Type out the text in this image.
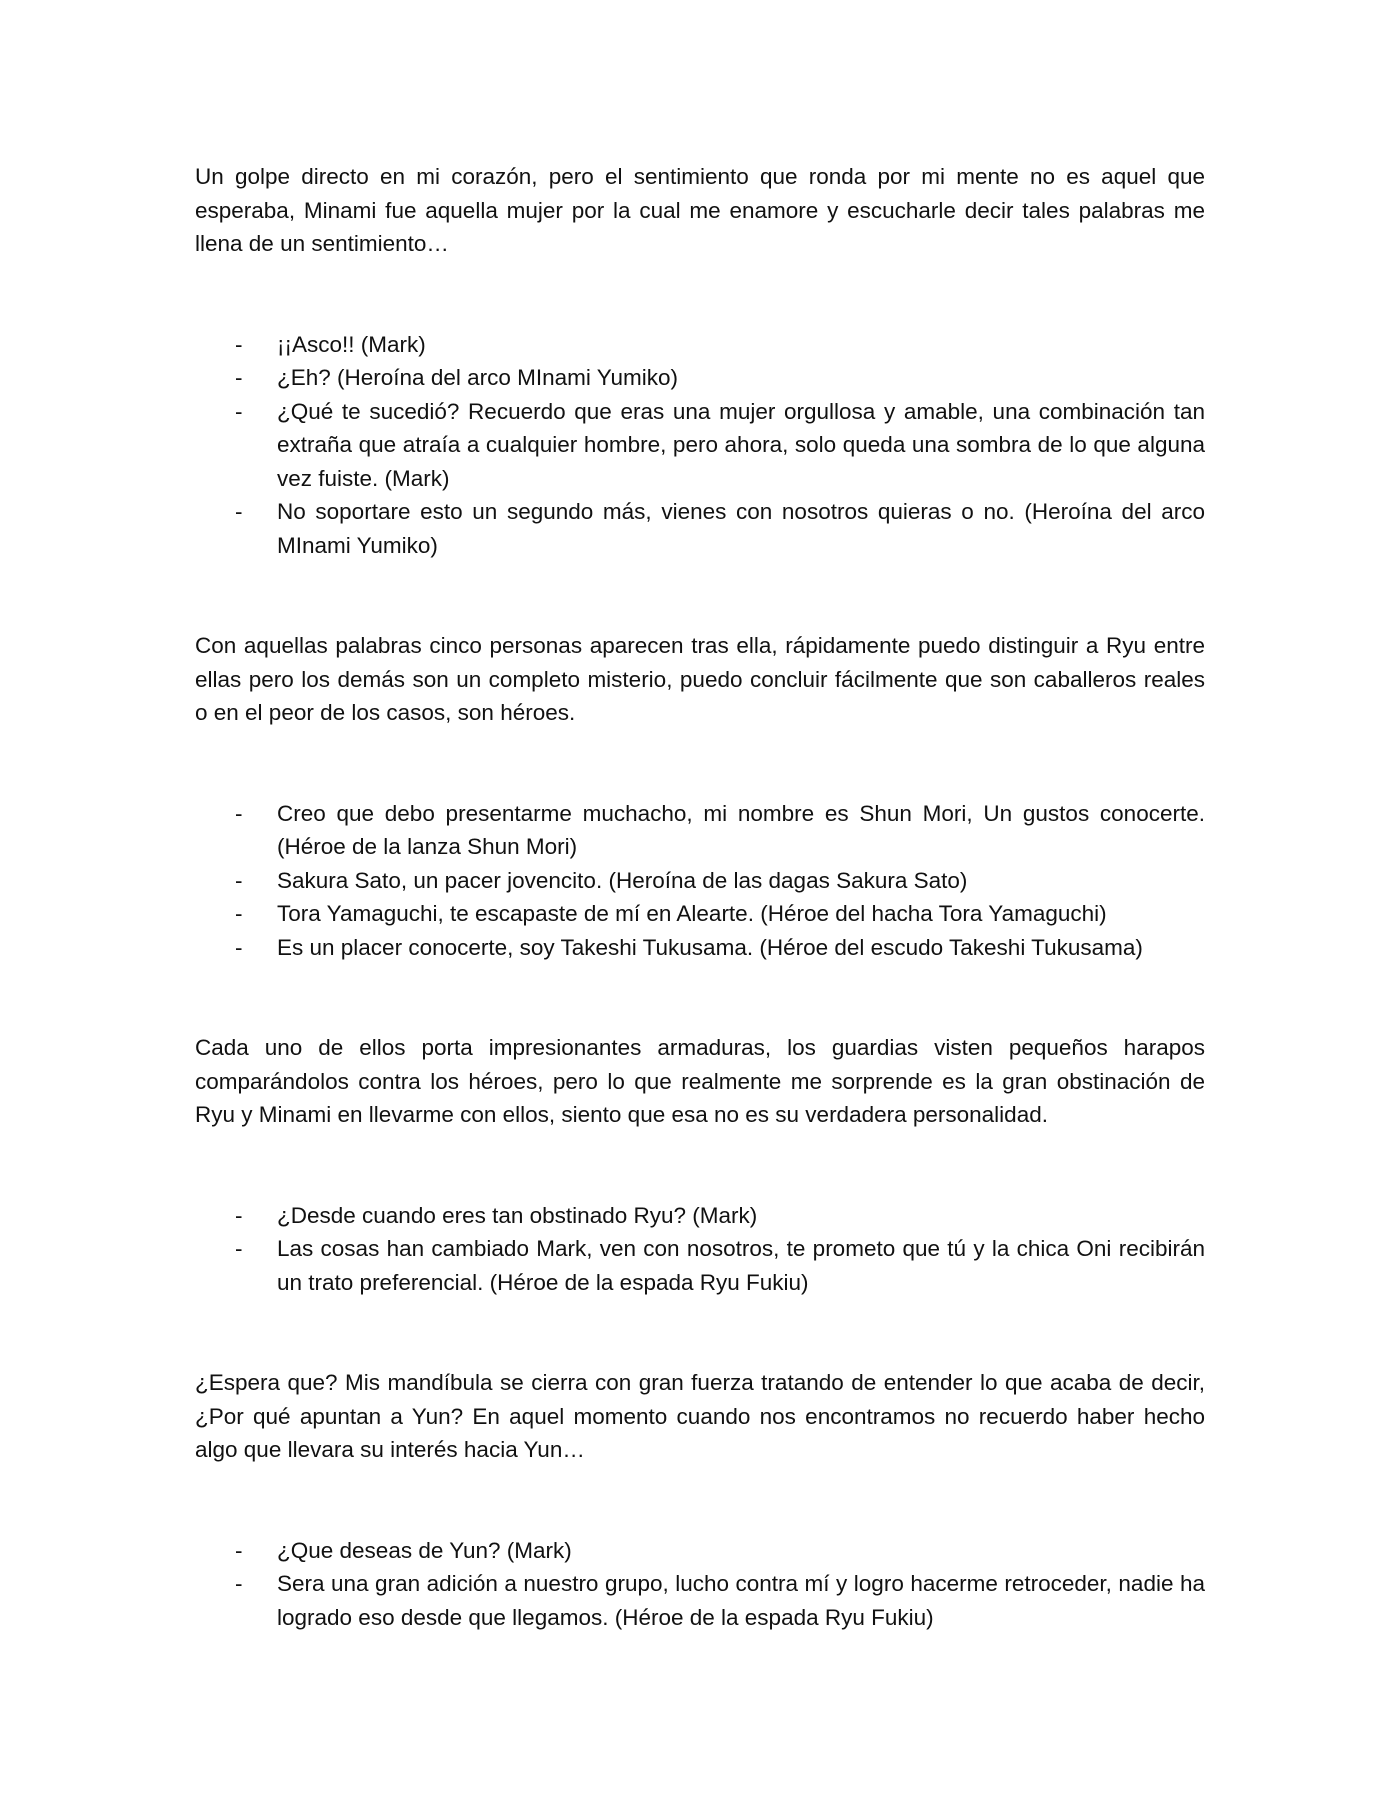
Un golpe directo en mi corazón, pero el sentimiento que ronda por mi mente no es aquel que esperaba, Minami fue aquella mujer por la cual me enamore y escucharle decir tales palabras me llena de un sentimiento…

- ¡¡Asco!! (Mark)
- ¿Eh? (Heroína del arco MInami Yumiko)
- ¿Qué te sucedió? Recuerdo que eras una mujer orgullosa y amable, una combinación tan extraña que atraía a cualquier hombre, pero ahora, solo queda una sombra de lo que alguna vez fuiste. (Mark)
- No soportare esto un segundo más, vienes con nosotros quieras o no. (Heroína del arco MInami Yumiko)

Con aquellas palabras cinco personas aparecen tras ella, rápidamente puedo distinguir a Ryu entre ellas pero los demás son un completo misterio, puedo concluir fácilmente que son caballeros reales o en el peor de los casos, son héroes.

- Creo que debo presentarme muchacho, mi nombre es Shun Mori, Un gustos conocerte. (Héroe de la lanza Shun Mori)
- Sakura Sato, un pacer jovencito. (Heroína de las dagas Sakura Sato)
- Tora Yamaguchi, te escapaste de mí en Alearte. (Héroe del hacha Tora Yamaguchi)
- Es un placer conocerte, soy Takeshi Tukusama. (Héroe del escudo Takeshi Tukusama)

Cada uno de ellos porta impresionantes armaduras, los guardias visten pequeños harapos comparándolos contra los héroes, pero lo que realmente me sorprende es la gran obstinación de Ryu y Minami en llevarme con ellos, siento que esa no es su verdadera personalidad.

- ¿Desde cuando eres tan obstinado Ryu? (Mark)
- Las cosas han cambiado Mark, ven con nosotros, te prometo que tú y la chica Oni recibirán un trato preferencial. (Héroe de la espada Ryu Fukiu)

¿Espera que? Mis mandíbula se cierra con gran fuerza tratando de entender lo que acaba de decir, ¿Por qué apuntan a Yun? En aquel momento cuando nos encontramos no recuerdo haber hecho algo que llevara su interés hacia Yun…

- ¿Que deseas de Yun? (Mark)
- Sera una gran adición a nuestro grupo, lucho contra mí y logro hacerme retroceder, nadie ha logrado eso desde que llegamos. (Héroe de la espada Ryu Fukiu)
